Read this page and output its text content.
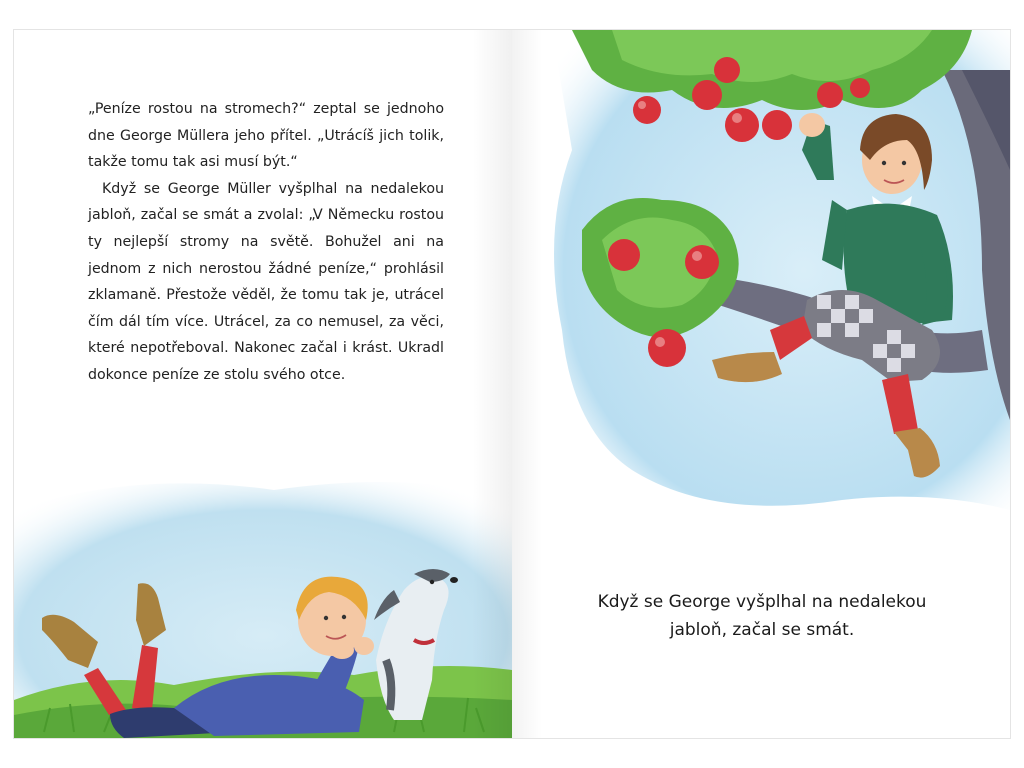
„Peníze rostou na stromech?“ zeptal se jednoho dne George Müllera jeho přítel. „Utrácíš jich tolik, takže tomu tak asi musí být.“

Když se George Müller vyšplhal na nedalekou jabloň, začal se smát a zvolal: „V Německu rostou ty nejlepší stromy na světě. Bohužel ani na jednom z nich nerostou žádné peníze,“ prohlásil zklamaně. Přestože věděl, že tomu tak je, utrácel čím dál tím více. Utrácel, za co nemusel, za věci, které nepotřeboval. Nakonec začal i krást. Ukradl dokonce peníze ze stolu svého otce.

Když se George vyšplhal na nedalekou
jabloň, začal se smát.
